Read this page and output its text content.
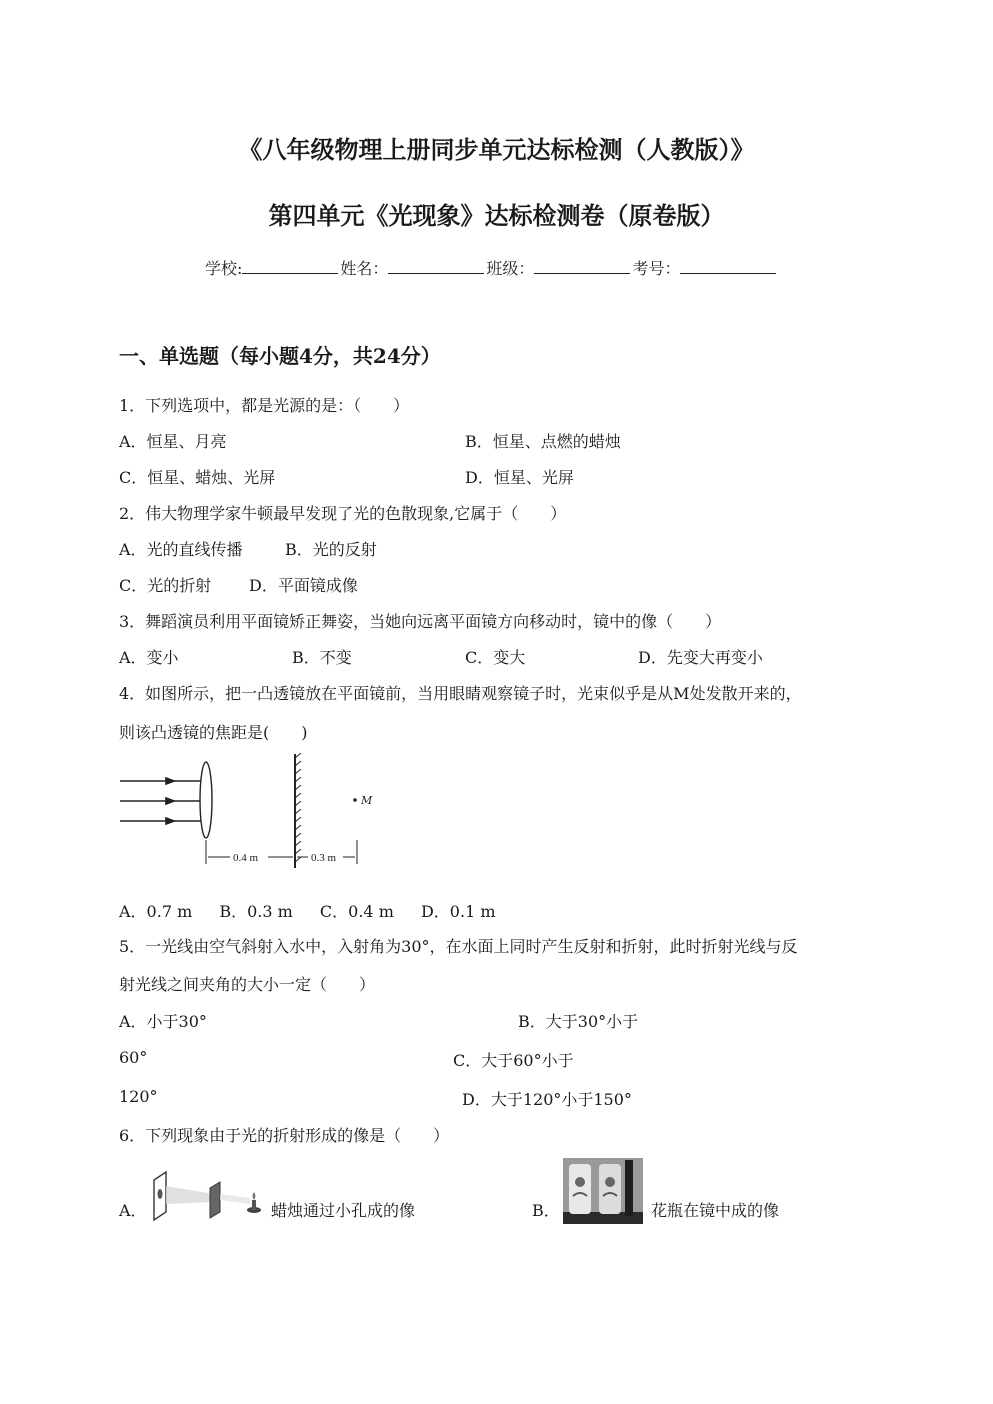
《八年级物理上册同步单元达标检测（人教版）》
第四单元《光现象》达标检测卷（原卷版）
学校:	姓名：	班级：	考号：
一、单选题（每小题4分，共24分）
1．下列选项中，都是光源的是：（　　）
A．恒星、月亮	B．恒星、点燃的蜡烛
C．恒星、蜡烛、光屏	D．恒星、光屏
2．伟大物理学家牛顿最早发现了光的色散现象,它属于（　　）
A．光的直线传播	B．光的反射
C．光的折射 D．平面镜成像
3．舞蹈演员利用平面镜矫正舞姿，当她向远离平面镜方向移动时，镜中的像（　　）
A．变小	B．不变	C．变大	D．先变大再变小
4．如图所示，把一凸透镜放在平面镜前，当用眼睛观察镜子时，光束似乎是从M处发散开来的，
则该凸透镜的焦距是(　　)
M
0.4 m	0.3 m
A．0.7 m B．0.3 m C．0.4 m D．0.1 m
5．一光线由空气斜射入水中，入射角为30°，在水面上同时产生反射和折射，此时折射光线与反
射光线之间夹角的大小一定（　　）
A．小于30°	B．大于30°小于
60°	C．大于60°小于
120°	D．大于120°小于150°
6．下列现象由于光的折射形成的像是（　　）
A．	蜡烛通过小孔成的像	B．	花瓶在镜中成的像
